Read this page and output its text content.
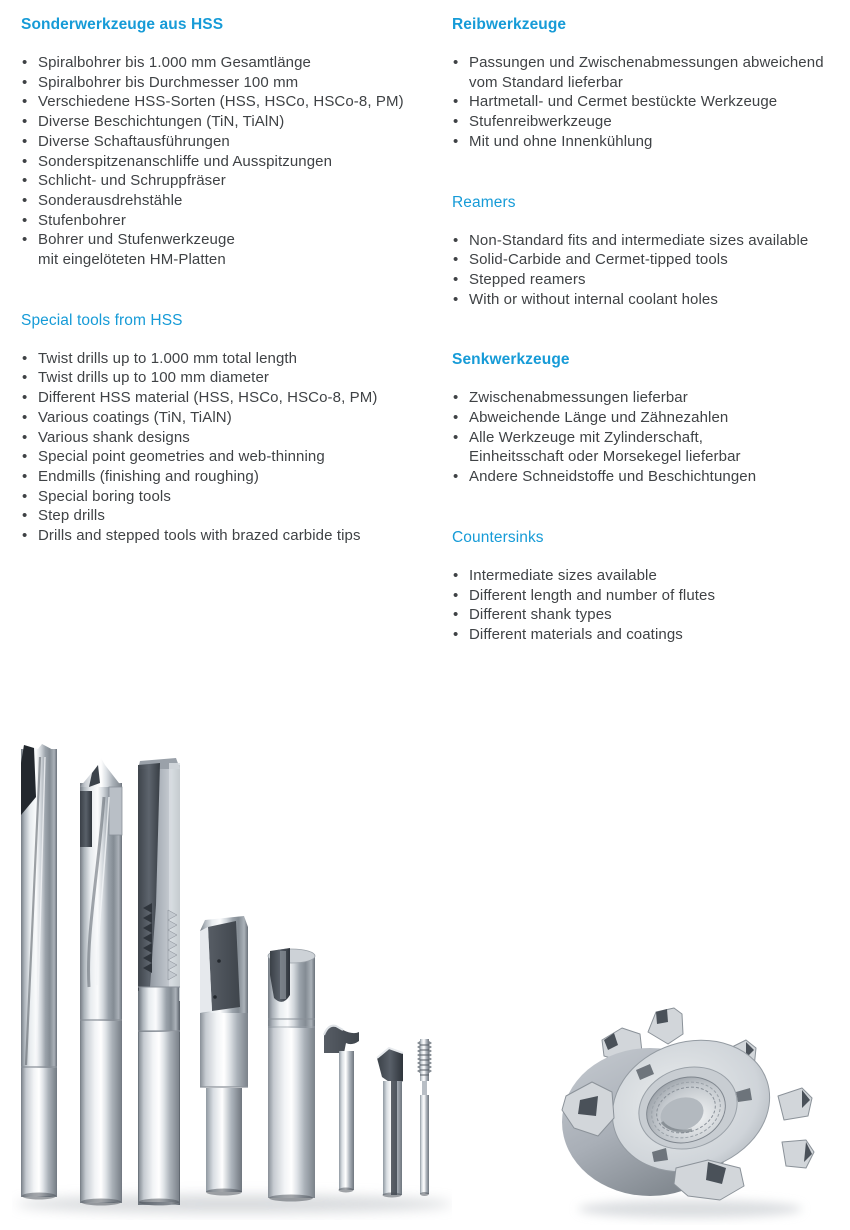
Sonderwerkzeuge aus HSS
• Spiralbohrer bis 1.000 mm Gesamtlänge
• Spiralbohrer bis Durchmesser 100 mm
• Verschiedene HSS-Sorten (HSS, HSCo, HSCo-8, PM)
• Diverse Beschichtungen (TiN, TiAlN)
• Diverse Schaftausführungen
• Sonderspitzenanschliffe und Ausspitzungen
• Schlicht- und Schruppfräser
• Sonderausdrehstähle
• Stufenbohrer
• Bohrer und Stufenwerkzeuge
mit eingelöteten HM-Platten
Special tools from HSS
• Twist drills up to 1.000 mm total length
• Twist drills up to 100 mm diameter
• Different HSS material (HSS, HSCo, HSCo-8, PM)
• Various coatings (TiN, TiAlN)
• Various shank designs
• Special point geometries and web-thinning
• Endmills (finishing and roughing)
• Special boring tools
• Step drills
• Drills and stepped tools with brazed carbide tips
Reibwerkzeuge
• Passungen und Zwischenabmessungen abweichend
vom Standard lieferbar
• Hartmetall- und Cermet bestückte Werkzeuge
• Stufenreibwerkzeuge
• Mit und ohne Innenkühlung
Reamers
• Non-Standard fits and intermediate sizes available
• Solid-Carbide and Cermet-tipped tools
• Stepped reamers
• With or without internal coolant holes
Senkwerkzeuge
• Zwischenabmessungen lieferbar
• Abweichende Länge und Zähnezahlen
• Alle Werkzeuge mit Zylinderschaft,
Einheitsschaft oder Morsekegel lieferbar
• Andere Schneidstoffe und Beschichtungen
Countersinks
• Intermediate sizes available
• Different length and number of flutes
• Different shank types
• Different materials and coatings
